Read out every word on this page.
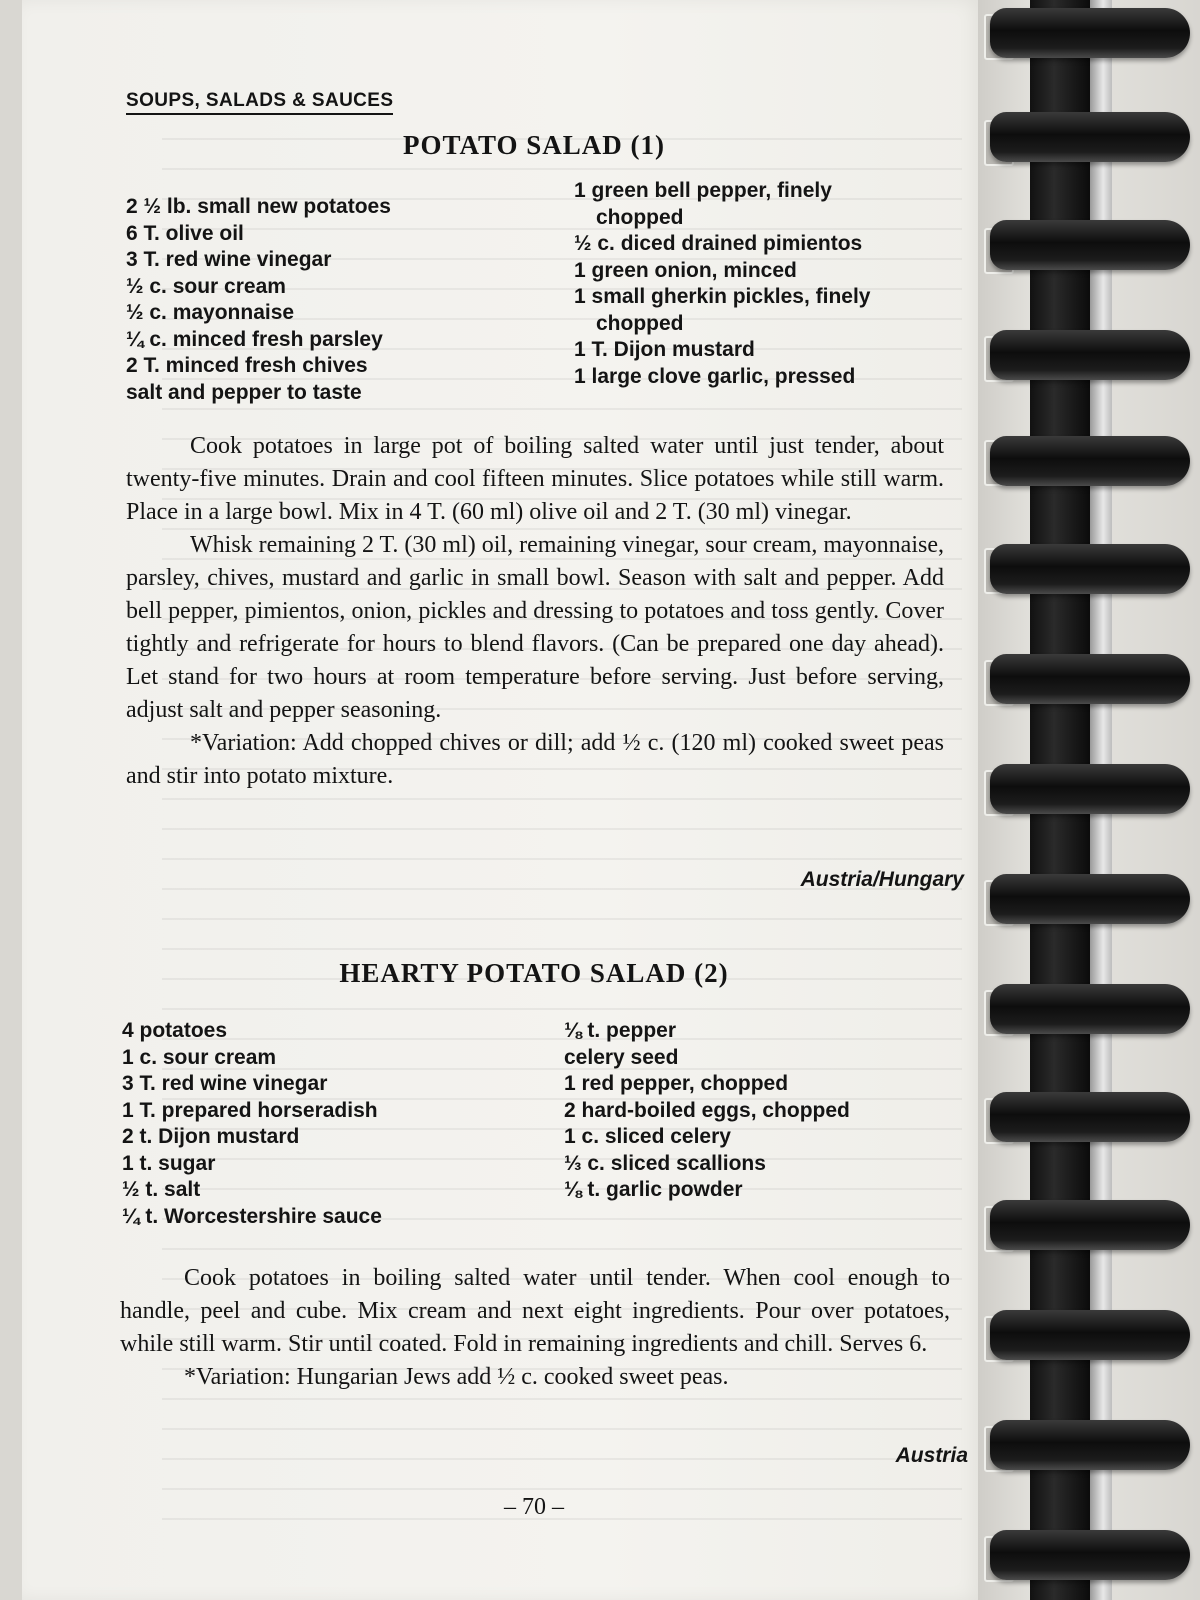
SOUPS, SALADS & SAUCES
POTATO SALAD (1)
2 ½ lb. small new potatoes
6 T. olive oil
3 T. red wine vinegar
½ c. sour cream
½ c. mayonnaise
¼ c. minced fresh parsley
2 T. minced fresh chives
salt and pepper to taste
1 green bell pepper, finely
chopped
½ c. diced drained pimientos
1 green onion, minced
1 small gherkin pickles, finely
chopped
1 T. Dijon mustard
1 large clove garlic, pressed

Cook potatoes in large pot of boiling salted water until just tender, about twenty-five minutes. Drain and cool fifteen minutes. Slice potatoes while still warm. Place in a large bowl. Mix in 4 T. (60 ml) olive oil and 2 T. (30 ml) vinegar.

Whisk remaining 2 T. (30 ml) oil, remaining vinegar, sour cream, mayonnaise, parsley, chives, mustard and garlic in small bowl. Season with salt and pepper. Add bell pepper, pimientos, onion, pickles and dressing to potatoes and toss gently. Cover tightly and refrigerate for hours to blend flavors. (Can be prepared one day ahead). Let stand for two hours at room temperature before serving. Just before serving, adjust salt and pepper seasoning.

*Variation: Add chopped chives or dill; add ½ c. (120 ml) cooked sweet peas and stir into potato mixture.

Austria/Hungary
HEARTY POTATO SALAD (2)
4 potatoes
1 c. sour cream
3 T. red wine vinegar
1 T. prepared horseradish
2 t. Dijon mustard
1 t. sugar
½ t. salt
¼ t. Worcestershire sauce
⅛ t. pepper
celery seed
1 red pepper, chopped
2 hard-boiled eggs, chopped
1 c. sliced celery
⅓ c. sliced scallions
⅛ t. garlic powder

Cook potatoes in boiling salted water until tender. When cool enough to handle, peel and cube. Mix cream and next eight ingredients. Pour over potatoes, while still warm. Stir until coated. Fold in remaining ingredients and chill. Serves 6.

*Variation: Hungarian Jews add ½ c. cooked sweet peas.

Austria
– 70 –
